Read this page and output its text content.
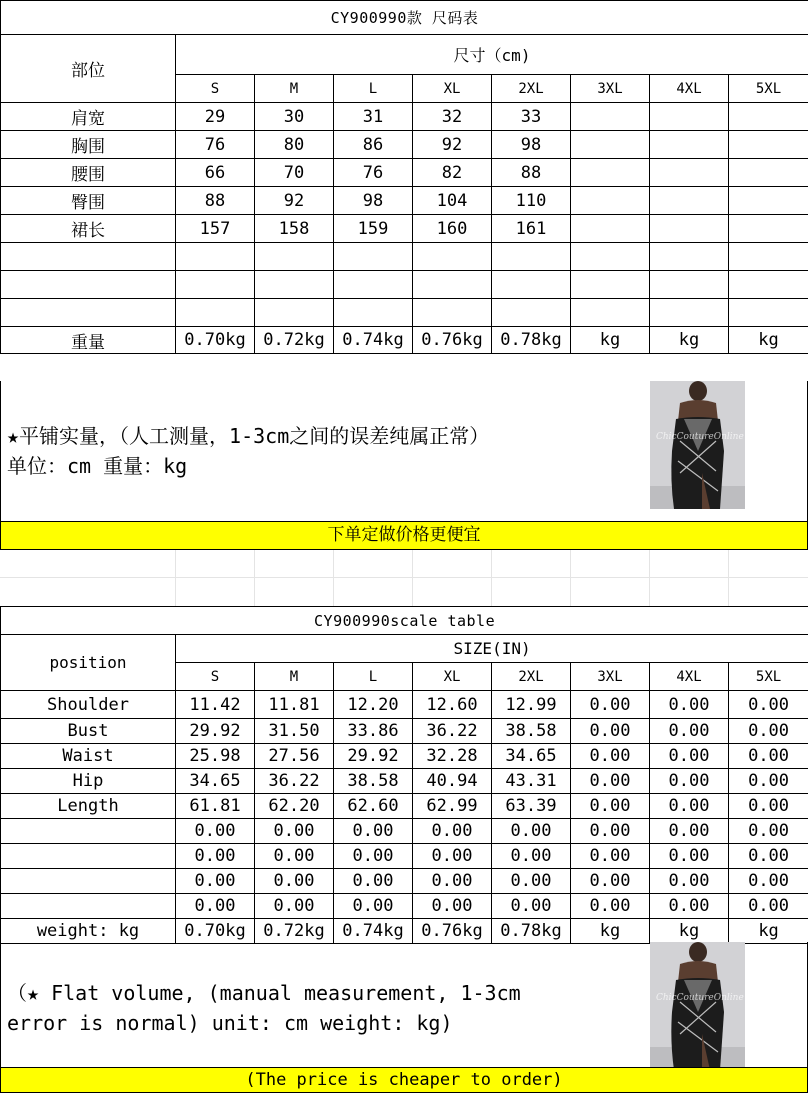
CY900990款 尺码表								
部位	尺寸（cm)							
	S	M	L	XL	2XL	3XL	4XL	5XL
肩宽	29	30	31	32	33			
胸围	76	80	86	92	98			
腰围	66	70	76	82	88			
臀围	88	92	98	104	110			
裙长	157	158	159	160	161			

重量	0.70kg	0.72kg	0.74kg	0.76kg	0.78kg	kg	kg	kg
★平铺实量，（人工测量，1-3cm之间的误差纯属正常）
单位：cm 重量：kg
ChicCoutureOnline
下单定做价格更便宜
CY900990scale table								
position	SIZE(IN)							
	S	M	L	XL	2XL	3XL	4XL	5XL
Shoulder	11.42	11.81	12.20	12.60	12.99	0.00	0.00	0.00
Bust	29.92	31.50	33.86	36.22	38.58	0.00	0.00	0.00
Waist	25.98	27.56	29.92	32.28	34.65	0.00	0.00	0.00
Hip	34.65	36.22	38.58	40.94	43.31	0.00	0.00	0.00
Length	61.81	62.20	62.60	62.99	63.39	0.00	0.00	0.00
	0.00	0.00	0.00	0.00	0.00	0.00	0.00	0.00
	0.00	0.00	0.00	0.00	0.00	0.00	0.00	0.00
	0.00	0.00	0.00	0.00	0.00	0.00	0.00	0.00
	0.00	0.00	0.00	0.00	0.00	0.00	0.00	0.00
weight: kg	0.70kg	0.72kg	0.74kg	0.76kg	0.78kg	kg	kg	kg
（★ Flat volume, (manual measurement, 1-3cm
error is normal) unit: cm weight: kg)
ChicCoutureOnline
(The price is cheaper to order)
